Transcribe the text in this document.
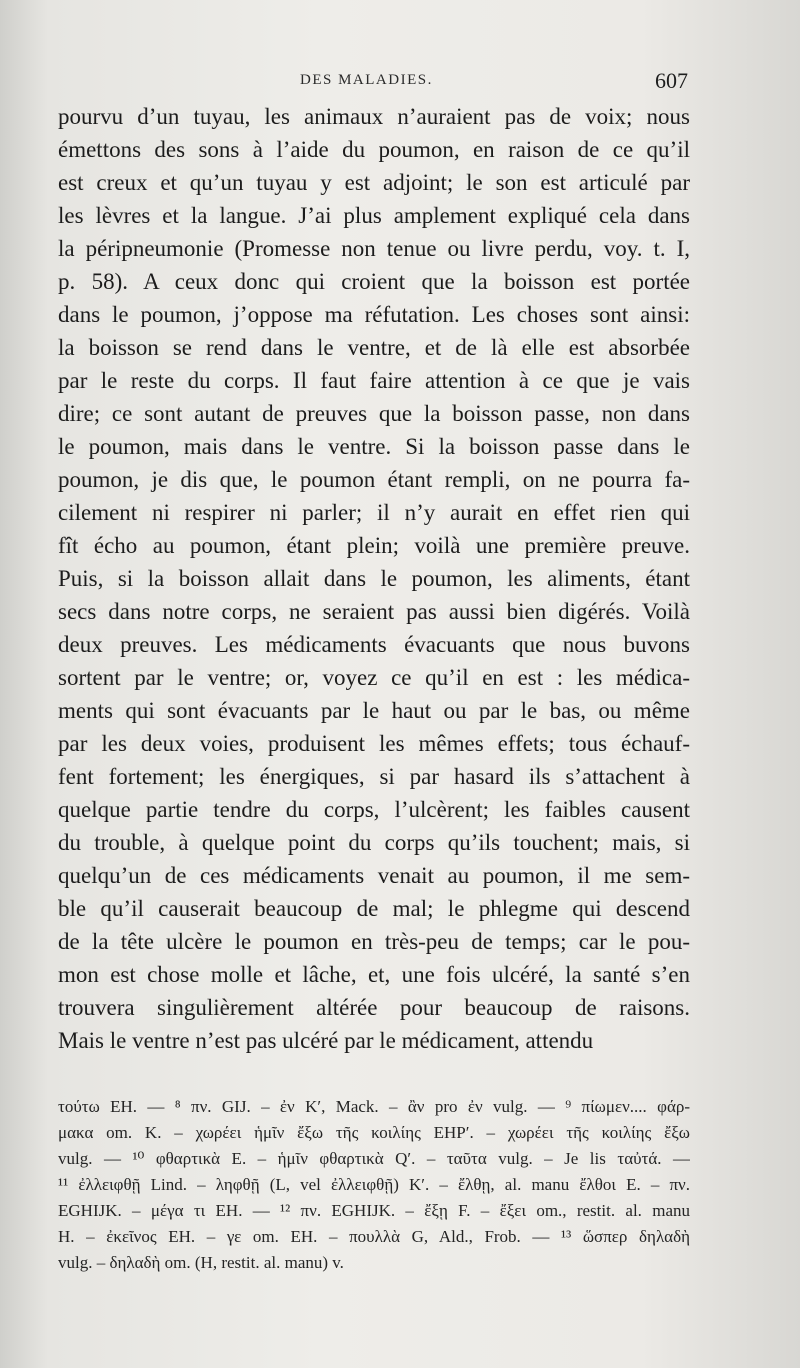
DES MALADIES.	607
pourvu d’un tuyau, les animaux n’auraient pas de voix; nous
émettons des sons à l’aide du poumon, en raison de ce qu’il
est creux et qu’un tuyau y est adjoint; le son est articulé par
les lèvres et la langue. J’ai plus amplement expliqué cela dans
la péripneumonie (Promesse non tenue ou livre perdu, voy. t. I,
p. 58). A ceux donc qui croient que la boisson est portée
dans le poumon, j’oppose ma réfutation. Les choses sont ainsi:
la boisson se rend dans le ventre, et de là elle est absorbée
par le reste du corps. Il faut faire attention à ce que je vais
dire; ce sont autant de preuves que la boisson passe, non dans
le poumon, mais dans le ventre. Si la boisson passe dans le
poumon, je dis que, le poumon étant rempli, on ne pourra fa-
cilement ni respirer ni parler; il n’y aurait en effet rien qui
fît écho au poumon, étant plein; voilà une première preuve.
Puis, si la boisson allait dans le poumon, les aliments, étant
secs dans notre corps, ne seraient pas aussi bien digérés. Voilà
deux preuves. Les médicaments évacuants que nous buvons
sortent par le ventre; or, voyez ce qu’il en est : les médica-
ments qui sont évacuants par le haut ou par le bas, ou même
par les deux voies, produisent les mêmes effets; tous échauf-
fent fortement; les énergiques, si par hasard ils s’attachent à
quelque partie tendre du corps, l’ulcèrent; les faibles causent
du trouble, à quelque point du corps qu’ils touchent; mais, si
quelqu’un de ces médicaments venait au poumon, il me sem-
ble qu’il causerait beaucoup de mal; le phlegme qui descend
de la tête ulcère le poumon en très-peu de temps; car le pou-
mon est chose molle et lâche, et, une fois ulcéré, la santé s’en
trouvera singulièrement altérée pour beaucoup de raisons.
Mais le ventre n’est pas ulcéré par le médicament, attendu
τούτω EH. — ⁸ πν. GIJ. – ἐν K′, Mack. – ἂν pro ἐν vulg. — ⁹ πίωμεν.... φάρ-
μακα om. K. – χωρέει ἡμῖν ἔξω τῆς κοιλίης EHP′. – χωρέει τῆς κοιλίης ἔξω
vulg. — ¹⁰ φθαρτικὰ E. – ἡμῖν φθαρτικὰ Q′. – ταῦτα vulg. – Je lis ταὐτά. —
¹¹ ἐλλειφθῇ Lind. – ληφθῇ (L, vel ἐλλειφθῇ) K′. – ἔλθῃ, al. manu ἔλθοι E. – πν.
EGHIJK. – μέγα τι EH. — ¹² πν. EGHIJK. – ἔξῃ F. – ἔξει om., restit. al. manu
H. – ἐκεῖνος EH. – γε om. EH. – πουλλὰ G, Ald., Frob. — ¹³ ὥσπερ δηλαδὴ
vulg. – δηλαδὴ om. (H, restit. al. manu) v.
